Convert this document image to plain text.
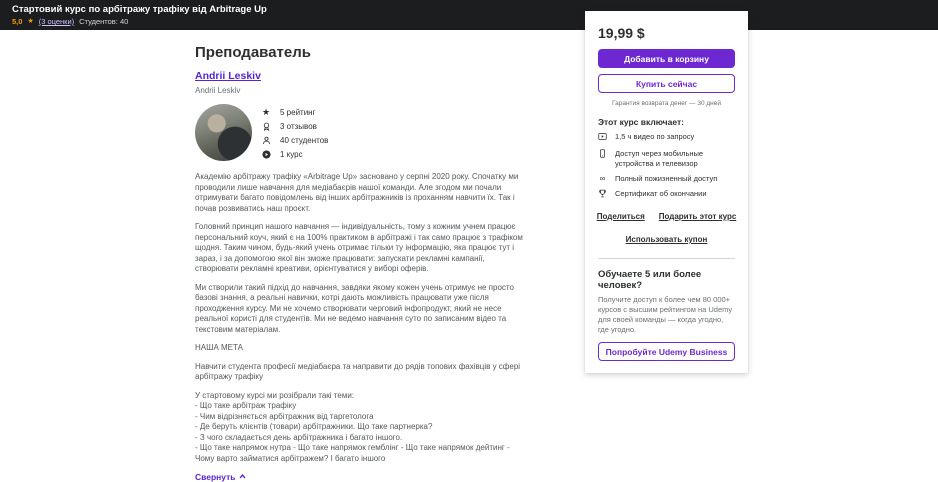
Стартовий курс по арбітражу трафіку від Arbitrage Up
5,0 ★ (3 оценки) Студентов: 40
Преподаватель
Andrii Leskiv
Andrii Leskiv
★ 5 рейтинг
3 отзывов
40 студентов
1 курс
Академію арбітражу трафіку «Arbitrage Up» засновано у серпні 2020 року. Спочатку ми проводили лише навчання для медіабаєрів нашої команди. Але згодом ми почали отримувати багато повідомлень від інших арбітражників із проханням навчити їх. Так і почав розвиватись наш проєкт.
Головний принцип нашого навчання — індивідуальність, тому з кожним учнем працює персональний коуч, який є на 100% практиком в арбітражі і так само працює з трафіком щодня. Таким чином, будь-який учень отримає тільки ту інформацію, яка працює тут і зараз, і за допомогою якої він зможе працювати: запускати рекламні кампанії, створювати рекламні креативи, орієнтуватися у виборі оферів.
Ми створили такий підхід до навчання, завдяки якому кожен учень отримує не просто базові знання, а реальні навички, котрі дають можливість працювати уже після проходження курсу. Ми не хочемо створювати черговий інфопродукт, який не несе реальної користі для студентів. Ми не ведемо навчання суто по записаним відео та текстовим матеріалам.
НАША МЕТА
Навчити студента професії медіабаєра та направити до рядів топових фахівців у сфері арбітражу трафіку
У стартовому курсі ми розібрали такі теми:
- Що таке арбітраж трафіку
- Чим відрізняється арбітражник від таргетолога
- Де беруть клієнтів (товари) арбітражники. Що таке партнерка?
- З чого складається день арбітражника і багато іншого.
- Що таке напрямок нутра - Що таке напрямок гемблінг - Що таке напрямок дейтинг - Чому варто займатися арбітражем? І багато іншого
Свернуть
19,99 $
Добавить в корзину
Купить сейчас
Гарантия возврата денег — 30 дней
Этот курс включает:
1,5 ч видео по запросу
Доступ через мобильные устройства и телевизор
∞ Полный пожизненный доступ
Сертификат об окончании
Поделиться Подарить этот курс
Использовать купон
Обучаете 5 или более человек?
Получите доступ к более чем 80 000+ курсов с высшим рейтингом на Udemy для своей команды — когда угодно, где угодно.
Попробуйте Udemy Business
